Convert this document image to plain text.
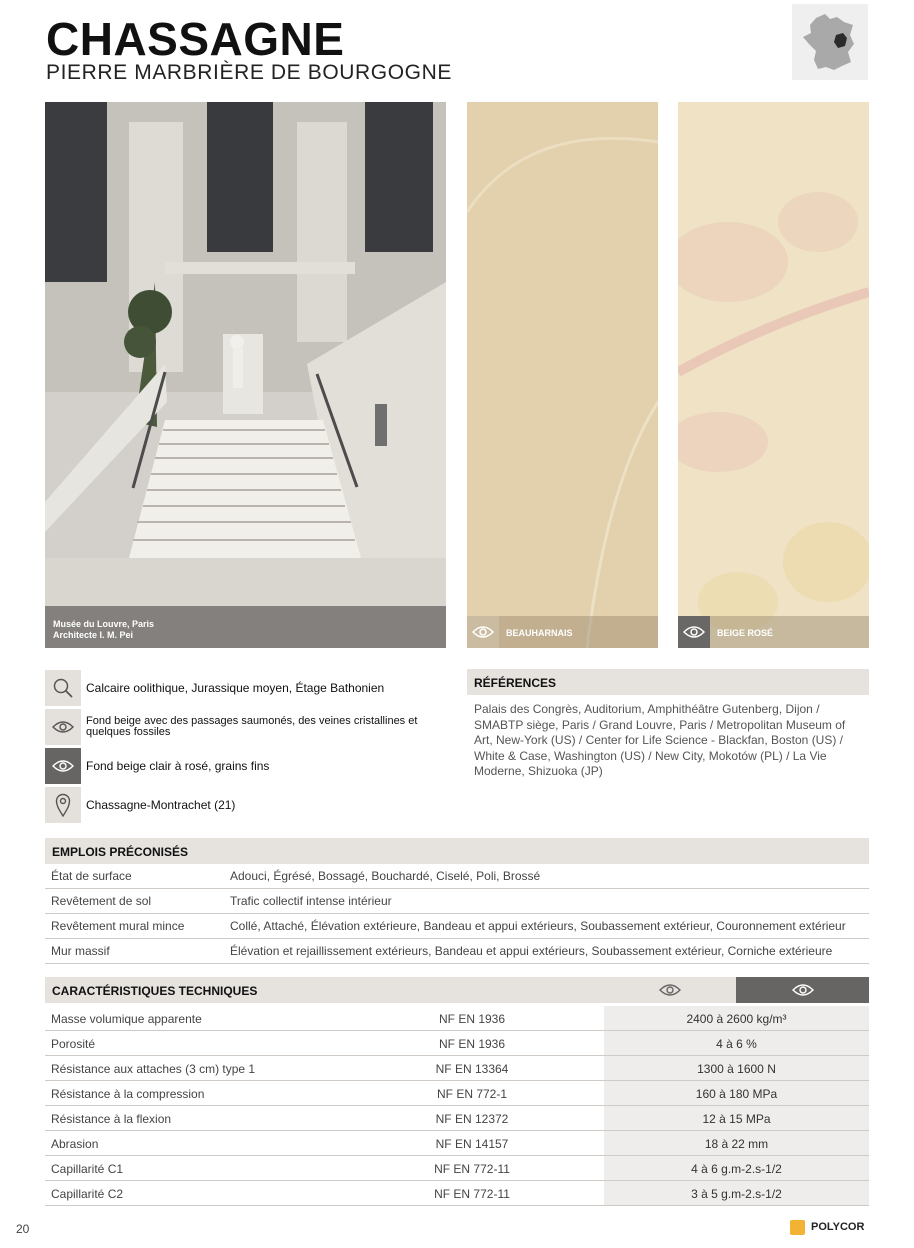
CHASSAGNE
PIERRE MARBRIÈRE DE BOURGOGNE
Musée du Louvre, Paris
Architecte I. M. Pei	BEAUHARNAIS	BEIGE ROSÉ
Calcaire oolithique, Jurassique moyen, Étage Bathonien
Fond beige avec des passages saumonés, des veines cristallines et quelques fossiles
Fond beige clair à rosé, grains fins
Chassagne-Montrachet (21)
RÉFÉRENCES
Palais des Congrès, Auditorium, Amphithéâtre Gutenberg, Dijon / SMABTP siège, Paris / Grand Louvre, Paris / Metropolitan Museum of Art, New-York (US) / Center for Life Science - Blackfan, Boston (US) / White & Case, Washington (US) / New City, Mokotów (PL) / La Vie Moderne, Shizuoka (JP)
EMPLOIS PRÉCONISÉS
État de surface	Adouci, Égrésé, Bossagé, Bouchardé, Ciselé, Poli, Brossé
Revêtement de sol	Trafic collectif intense intérieur
Revêtement mural mince	Collé, Attaché, Élévation extérieure, Bandeau et appui extérieurs, Soubassement extérieur, Couronnement extérieur
Mur massif	Élévation et rejaillissement extérieurs, Bandeau et appui extérieurs, Soubassement extérieur, Corniche extérieure
CARACTÉRISTIQUES TECHNIQUES
Masse volumique apparente	NF EN 1936	2400 à 2600 kg/m³
Porosité	NF EN 1936	4 à 6 %
Résistance aux attaches (3 cm) type 1	NF EN 13364	1300 à 1600 N
Résistance à la compression	NF EN 772-1	160 à 180 MPa
Résistance à la flexion	NF EN 12372	12 à 15 MPa
Abrasion	NF EN 14157	18 à 22 mm
Capillarité C1	NF EN 772-11	4 à 6 g.m-2.s-1/2
Capillarité C2	NF EN 772-11	3 à 5 g.m-2.s-1/2
20	POLYCOR
